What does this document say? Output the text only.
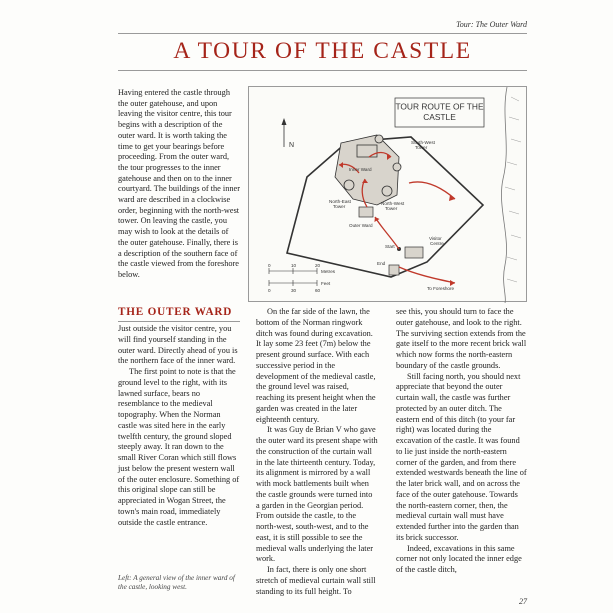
Tour: The Outer Ward
A TOUR OF THE CASTLE

Having entered the castle through the outer gatehouse, and upon leaving the visitor centre, this tour begins with a description of the outer ward. It is worth taking the time to get your bearings before proceeding. From the outer ward, the tour progresses to the inner gatehouse and then on to the inner courtyard. The buildings of the inner ward are described in a clockwise order, beginning with the north-west tower. On leaving the castle, you may wish to look at the details of the outer gatehouse. Finally, there is a description of the southern face of the castle viewed from the foreshore below.

TOUR ROUTE OF THE
CASTLE
N	South-West
Tower
Inner Ward
North-East
Tower
North-West
Tower
Outer Ward
Visitor
Centre
Start
End
To Foreshore
0	10	20
Metres
0	30	60
Feet
THE OUTER WARD

Just outside the visitor centre, you will find yourself standing in the outer ward. Directly ahead of you is the northern face of the inner ward.

The first point to note is that the ground level to the right, with its lawned surface, bears no resemblance to the medieval topography. When the Norman castle was sited here in the early twelfth century, the ground sloped steeply away. It ran down to the small River Coran which still flows just below the present western wall of the outer enclosure. Something of this original slope can still be appreciated in Wogan Street, the town's main road, immediately outside the castle entrance.

On the far side of the lawn, the bottom of the Norman ringwork ditch was found during excavation. It lay some 23 feet (7m) below the present ground surface. With each successive period in the development of the medieval castle, the ground level was raised, reaching its present height when the garden was created in the later eighteenth century.

It was Guy de Brian V who gave the outer ward its present shape with the construction of the curtain wall in the late thirteenth century. Today, its alignment is mirrored by a wall with mock battlements built when the castle grounds were turned into a garden in the Georgian period. From outside the castle, to the north-west, south-west, and to the east, it is still possible to see the medieval walls underlying the later work.

In fact, there is only one short stretch of medieval curtain wall still standing to its full height. To

see this, you should turn to face the outer gatehouse, and look to the right. The surviving section extends from the gate itself to the more recent brick wall which now forms the north-eastern boundary of the castle grounds.

Still facing north, you should next appreciate that beyond the outer curtain wall, the castle was further protected by an outer ditch. The eastern end of this ditch (to your far right) was located during the excavation of the castle. It was found to lie just inside the north-eastern corner of the garden, and from there extended westwards beneath the line of the later brick wall, and on across the face of the outer gatehouse. Towards the north-eastern corner, then, the medieval curtain wall must have extended further into the garden than its brick successor.

Indeed, excavations in this same corner not only located the inner edge of the castle ditch,

Left: A general view of the inner ward of the castle, looking west.

27
